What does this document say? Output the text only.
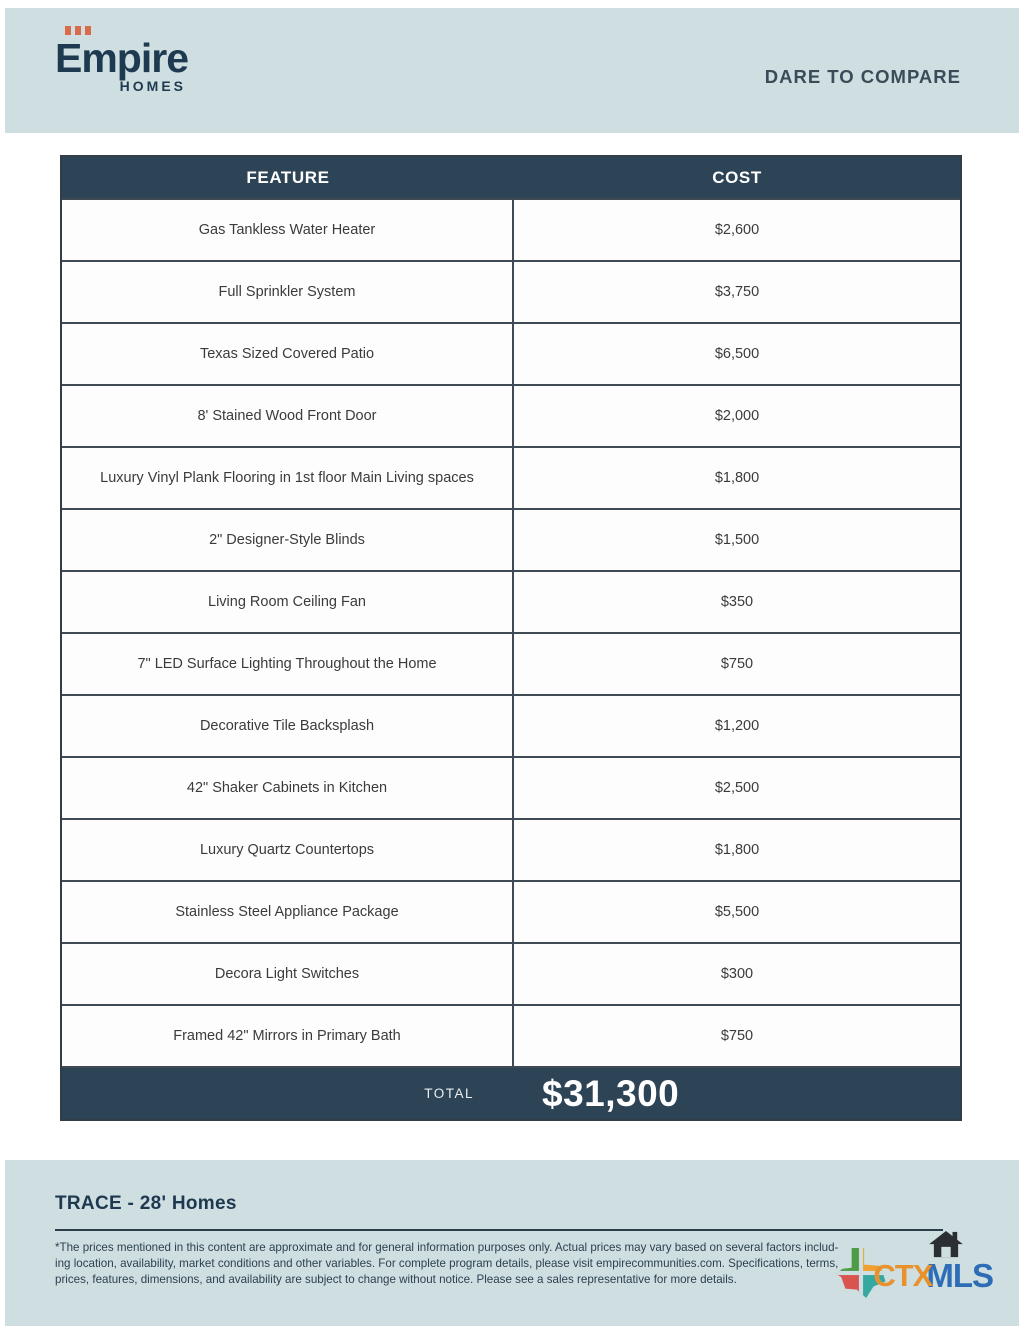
Empire
HOMES	DARE TO COMPARE
FEATURE	COST
Gas Tankless Water Heater	$2,600
Full Sprinkler System	$3,750
Texas Sized Covered Patio	$6,500
8' Stained Wood Front Door	$2,000
Luxury Vinyl Plank Flooring in 1st floor Main Living spaces	$1,800
2" Designer-Style Blinds	$1,500
Living Room Ceiling Fan	$350
7" LED Surface Lighting Throughout the Home	$750
Decorative Tile Backsplash	$1,200
42" Shaker Cabinets in Kitchen	$2,500
Luxury Quartz Countertops	$1,800
Stainless Steel Appliance Package	$5,500
Decora Light Switches	$300
Framed 42" Mirrors in Primary Bath	$750
TOTAL	$31,300
TRACE - 28' Homes
*The prices mentioned in this content are approximate and for general information purposes only. Actual prices may vary based on several factors includ-
ing location, availability, market conditions and other variables. For complete program details, please visit empirecommunities.com. Specifications, terms,
prices, features, dimensions, and availability are subject to change without notice. Please see a sales representative for more details.	CTX
MLS
